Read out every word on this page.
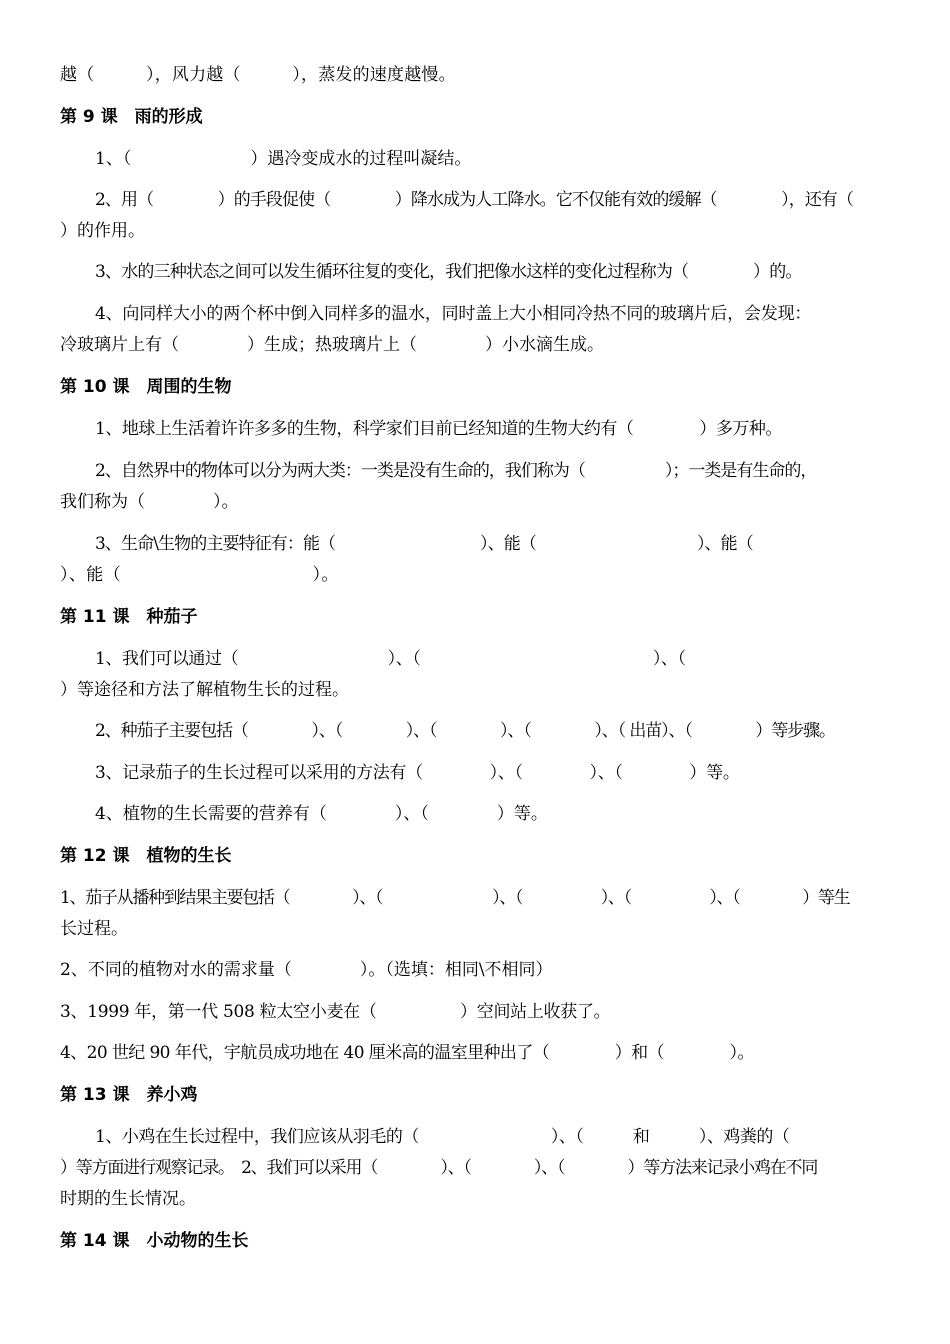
越（　　　），风力越（　　　），蒸发的速度越慢。
第 9 课　雨的形成
1、（　　　　　　　）遇冷变成水的过程叫凝结。
2、用（　　　　）的手段促使（　　　　）降水成为人工降水。它不仅能有效的缓解（　　　　），还有（
）的作用。
3、水的三种状态之间可以发生循环往复的变化，我们把像水这样的变化过程称为（　　　　）的。
4、向同样大小的两个杯中倒入同样多的温水，同时盖上大小相同冷热不同的玻璃片后，会发现：
冷玻璃片上有（　　　　）生成；热玻璃片上（　　　　）小水滴生成。
第 10 课　周围的生物
1、地球上生活着许许多多的生物，科学家们目前已经知道的生物大约有（　　　　）多万种。
2、自然界中的物体可以分为两大类：一类是没有生命的，我们称为（　　　　　）；一类是有生命的，
我们称为（　　　　）。
3、生命\生物的主要特征有：能（　　　　　　　　　）、能（　　　　　　　　　　）、能（
）、能（　　　　　　　　　　　）。
第 11 课　种茄子
1、我们可以通过（　　　　　　　　　）、（　　　　　　　　　　　　　　）、（
）等途径和方法了解植物生长的过程。
2、种茄子主要包括（　　　　）、（　　　　）、（　　　　）、（　　　　）、（ 出苗）、（　　　　）等步骤。
3、记录茄子的生长过程可以采用的方法有（　　　　）、（　　　　）、（　　　　）等。
4、植物的生长需要的营养有（　　　　）、（　　　　）等。
第 12 课　植物的生长
1、茄子从播种到结果主要包括（　　　　）、（　　　　　　　）、（　　　　　）、（　　　　　）、（　　　　）等生
长过程。
2、不同的植物对水的需求量（　　　　）。（选填：相同\不相同）
3、1999 年，第一代 508 粒太空小麦在（　　　　　）空间站上收获了。
4、20 世纪 90 年代，宇航员成功地在 40 厘米高的温室里种出了（　　　　）和（　　　　）。
第 13 课　养小鸡
1、小鸡在生长过程中，我们应该从羽毛的（　　　　　　　　）、（　　　和　　　）、鸡粪的（
）等方面进行观察记录。　2、我们可以采用（　　　　）、（　　　　）、（　　　　）等方法来记录小鸡在不同
时期的生长情况。
第 14 课　小动物的生长
